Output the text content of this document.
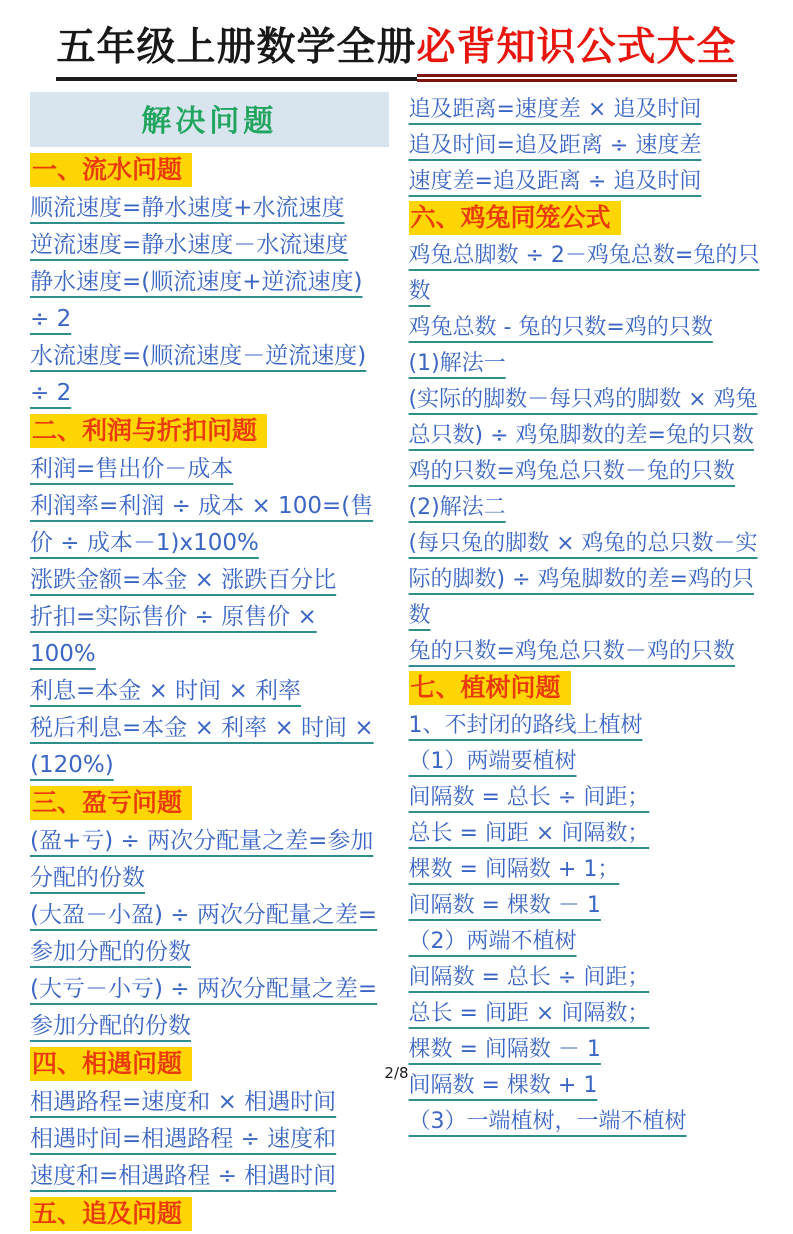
五年级上册数学全册必背知识公式大全
解决问题
一、流水问题
顺流速度=静水速度+水流速度
逆流速度=静水速度－水流速度
静水速度=(顺流速度+逆流速度) ÷ 2
水流速度=(顺流速度－逆流速度) ÷ 2
二、利润与折扣问题
利润=售出价－成本
利润率=利润 ÷ 成本 × 100=(售价 ÷ 成本－1)x100%
涨跌金额=本金 × 涨跌百分比
折扣=实际售价 ÷ 原售价 × 100%
利息=本金 × 时间 × 利率
税后利息=本金 × 利率 × 时间 × (120%)
三、盈亏问题
(盈+亏) ÷ 两次分配量之差=参加分配的份数
(大盈－小盈) ÷ 两次分配量之差=参加分配的份数
(大亏－小亏) ÷ 两次分配量之差=参加分配的份数
四、相遇问题
相遇路程=速度和 × 相遇时间
相遇时间=相遇路程 ÷ 速度和
速度和=相遇路程 ÷ 相遇时间
五、追及问题
追及距离=速度差 × 追及时间
追及时间=追及距离 ÷ 速度差
速度差=追及距离 ÷ 追及时间
六、鸡兔同笼公式
鸡兔总脚数 ÷ 2－鸡兔总数=兔的只数
鸡兔总数 - 兔的只数=鸡的只数
(1)解法一
(实际的脚数－每只鸡的脚数 × 鸡兔总只数) ÷ 鸡兔脚数的差=兔的只数
鸡的只数=鸡兔总只数－兔的只数
(2)解法二
(每只兔的脚数 × 鸡兔的总只数－实际的脚数) ÷ 鸡兔脚数的差=鸡的只数
兔的只数=鸡兔总只数－鸡的只数
七、植树问题
1、不封闭的路线上植树
（1）两端要植树
间隔数 = 总长 ÷ 间距；
总长 = 间距 × 间隔数；
棵数 = 间隔数 + 1；
间隔数 = 棵数 － 1
（2）两端不植树
间隔数 = 总长 ÷ 间距；
总长 = 间距 × 间隔数；
棵数 = 间隔数 － 1
间隔数 = 棵数 + 1
（3）一端植树，一端不植树
2/8
